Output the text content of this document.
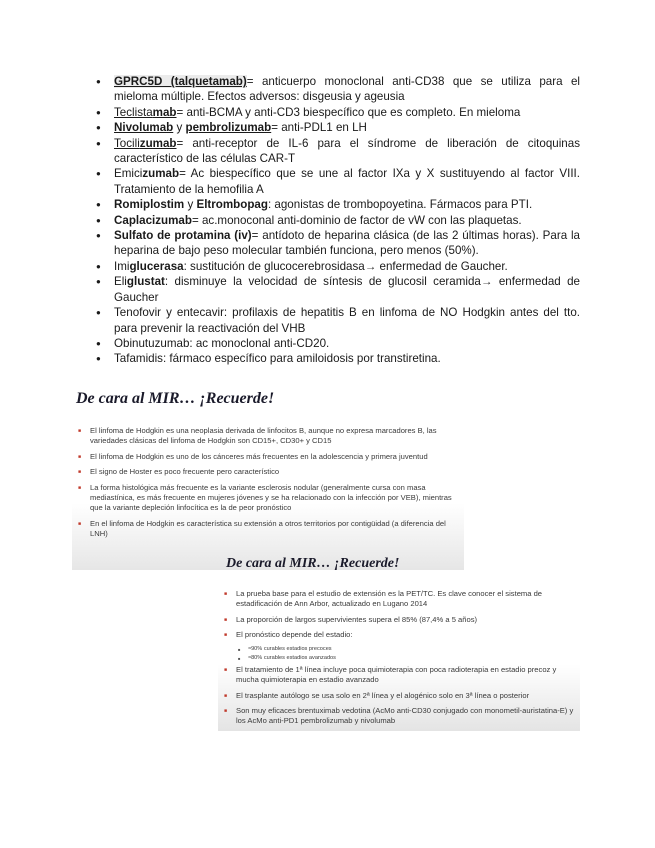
● GPRC5D (talquetamab)= anticuerpo monoclonal anti-CD38 que se utiliza para el mieloma múltiple. Efectos adversos: disgeusia y ageusia
● Teclistamab= anti-BCMA y anti-CD3 biespecífico que es completo. En mieloma
● Nivolumab y pembrolizumab= anti-PDL1 en LH
● Tocilizumab= anti-receptor de IL-6 para el síndrome de liberación de citoquinas característico de las células CAR-T
● Emicizumab= Ac biespecífico que se une al factor IXa y X sustituyendo al factor VIII. Tratamiento de la hemofilia A
● Romiplostim y Eltrombopag: agonistas de trombopoyetina. Fármacos para PTI.
● Caplacizumab= ac.monoconal anti-dominio de factor de vW con las plaquetas.
● Sulfato de protamina (iv)= antídoto de heparina clásica (de las 2 últimas horas). Para la heparina de bajo peso molecular también funciona, pero menos (50%).
● Imiglucerasa: sustitución de glucocerebrosidasa→ enfermedad de Gaucher.
● Eliglustat: disminuye la velocidad de síntesis de glucosil ceramida→ enfermedad de Gaucher
● Tenofovir y entecavir: profilaxis de hepatitis B en linfoma de NO Hodgkin antes del tto. para prevenir la reactivación del VHB
● Obinutuzumab: ac monoclonal anti-CD20.
● Tafamidis: fármaco específico para amiloidosis por transtiretina.
De cara al MIR… ¡Recuerde!
■ El linfoma de Hodgkin es una neoplasia derivada de linfocitos B, aunque no expresa marcadores B, las variedades clásicas del linfoma de Hodgkin son CD15+, CD30+ y CD15
■ El linfoma de Hodgkin es uno de los cánceres más frecuentes en la adolescencia y primera juventud
■ El signo de Hoster es poco frecuente pero característico
■ La forma histológica más frecuente es la variante esclerosis nodular (generalmente cursa con masa mediastínica, es más frecuente en mujeres jóvenes y se ha relacionado con la infección por VEB), mientras que la variante depleción linfocítica es la de peor pronóstico
■ En el linfoma de Hodgkin es característica su extensión a otros territorios por contigüidad (a diferencia del LNH)
De cara al MIR… ¡Recuerde!
■ La prueba base para el estudio de extensión es la PET/TC. Es clave conocer el sistema de estadificación de Ann Arbor, actualizado en Lugano 2014
■ La proporción de largos supervivientes supera el 85% (87,4% a 5 años)
■ El pronóstico depende del estadio:
■ ≈90% curables estadios precoces
■ ≈80% curables estadios avanzados
■ El tratamiento de 1ª línea incluye poca quimioterapia con poca radioterapia en estadio precoz y mucha quimioterapia en estadio avanzado
■ El trasplante autólogo se usa solo en 2ª línea y el alogénico solo en 3ª línea o posterior
■ Son muy eficaces brentuximab vedotina (AcMo anti-CD30 conjugado con monometil-auristatina-E) y los AcMo anti-PD1 pembrolizumab y nivolumab
